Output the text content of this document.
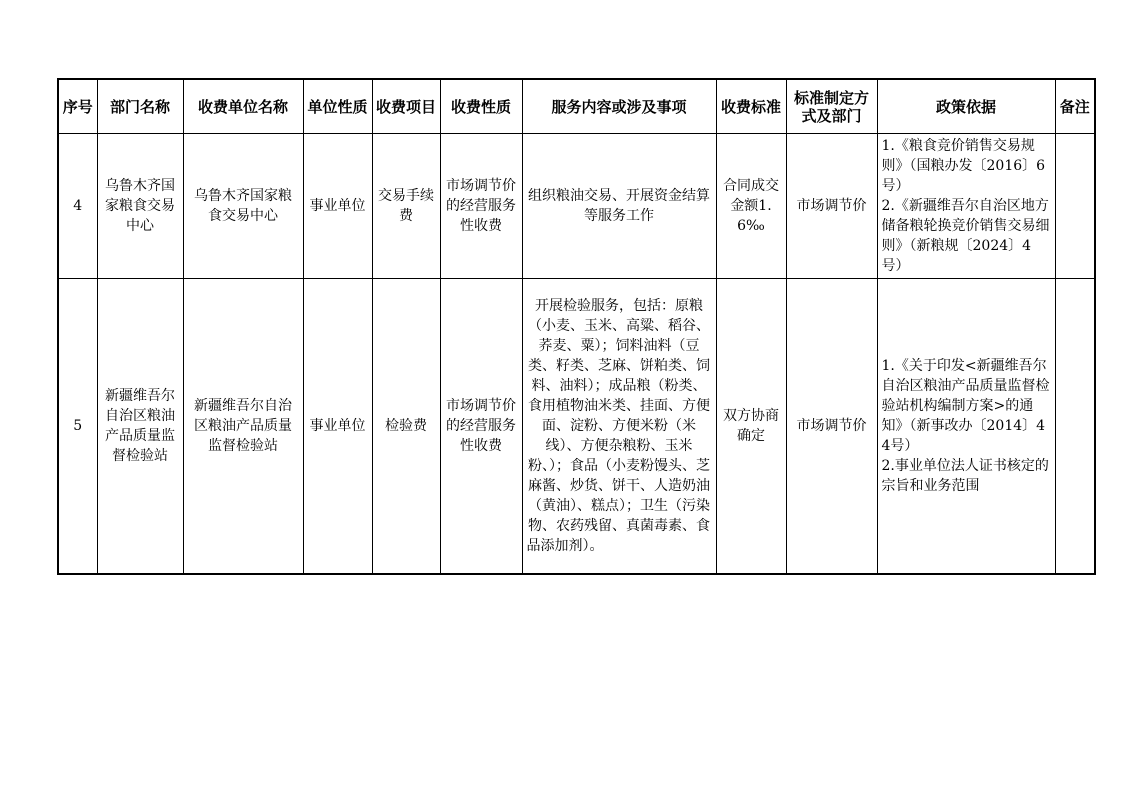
序号	部门名称	收费单位名称	单位性质	收费项目	收费性质	服务内容或涉及事项	收费标准	标准制定方式及部门	政策依据	备注
4	乌鲁木齐国家粮食交易中心	乌鲁木齐国家粮食交易中心	事业单位	交易手续费	市场调节价的经营服务性收费	组织粮油交易、开展资金结算等服务工作	合同成交金额1.6‰	市场调节价	1.《粮食竞价销售交易规则》（国粮办发〔2016〕6号）
2.《新疆维吾尔自治区地方储备粮轮换竞价销售交易细则》（新粮规〔2024〕4号）	

5	新疆维吾尔自治区粮油产品质量监督检验站	新疆维吾尔自治区粮油产品质量监督检验站	事业单位	检验费	市场调节价的经营服务性收费	开展检验服务，包括：原粮（小麦、玉米、高粱、稻谷、荞麦、粟）；饲料油料（豆类、籽类、芝麻、饼粕类、饲料、油料）；成品粮（粉类、食用植物油米类、挂面、方便面、淀粉、方便米粉（米线）、方便杂粮粉、玉米粉、）；食品（小麦粉馒头、芝麻酱、炒货、饼干、人造奶油（黄油）、糕点）；卫生（污染物、农药残留、真菌毒素、食品添加剂）。	双方协商确定	市场调节价	1.《关于印发<新疆维吾尔自治区粮油产品质量监督检验站机构编制方案>的通知》（新事改办〔2014〕44号）
2.事业单位法人证书核定的宗旨和业务范围	
